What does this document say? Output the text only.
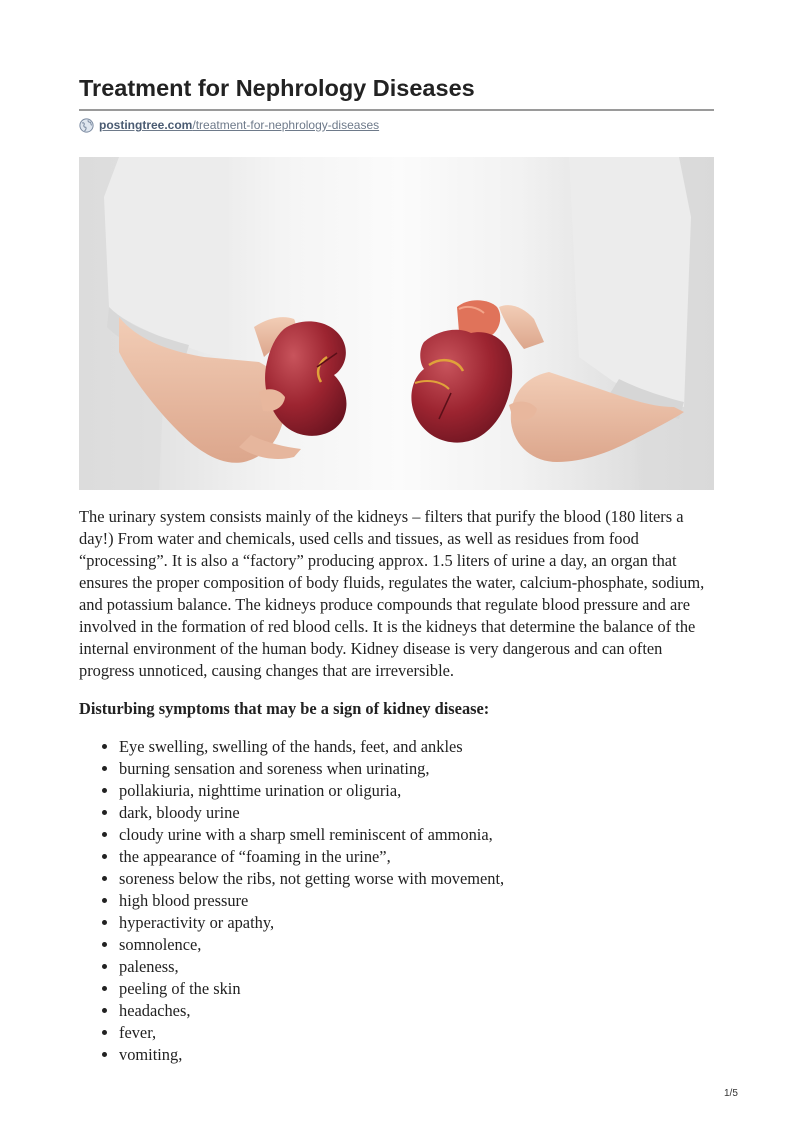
Treatment for Nephrology Diseases
postingtree.com/treatment-for-nephrology-diseases

The urinary system consists mainly of the kidneys – filters that purify the blood (180 liters a day!) From water and chemicals, used cells and tissues, as well as residues from food “processing”. It is also a “factory” producing approx. 1.5 liters of urine a day, an organ that ensures the proper composition of body fluids, regulates the water, calcium-phosphate, sodium, and potassium balance. The kidneys produce compounds that regulate blood pressure and are involved in the formation of red blood cells. It is the kidneys that determine the balance of the internal environment of the human body. Kidney disease is very dangerous and can often progress unnoticed, causing changes that are irreversible.

Disturbing symptoms that may be a sign of kidney disease:

Eye swelling, swelling of the hands, feet, and ankles
burning sensation and soreness when urinating,
pollakiuria, nighttime urination or oliguria,
dark, bloody urine
cloudy urine with a sharp smell reminiscent of ammonia,
the appearance of “foaming in the urine”,
soreness below the ribs, not getting worse with movement,
high blood pressure
hyperactivity or apathy,
somnolence,
paleness,
peeling of the skin
headaches,
fever,
vomiting,
1/5
